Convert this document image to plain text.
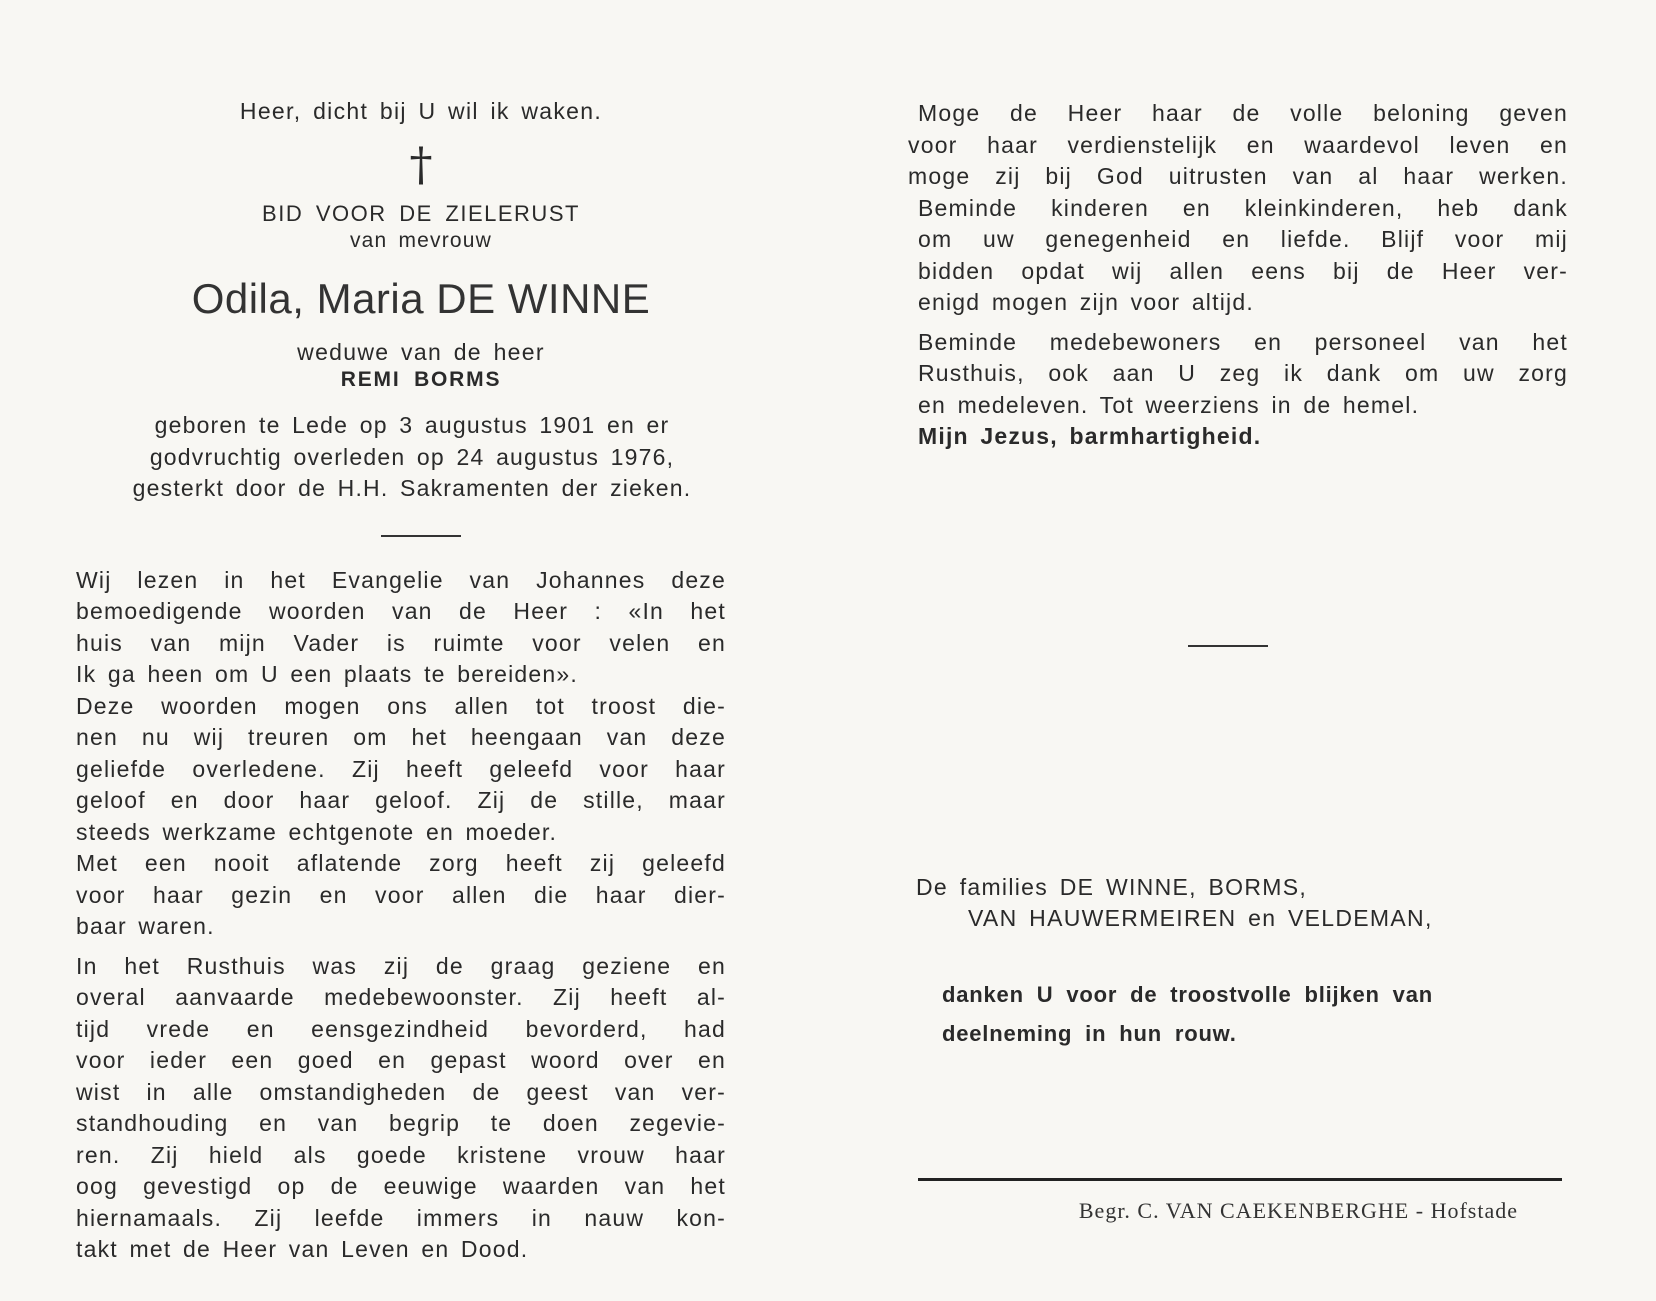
Heer, dicht bij U wil ik waken.
†
BID VOOR DE ZIELERUST
van mevrouw
Odila, Maria DE WINNE
weduwe van de heer
REMI BORMS
geboren te Lede op 3 augustus 1901 en er
godvruchtig overleden op 24 augustus 1976,
gesterkt door de H.H. Sakramenten der zieken.
Wij lezen in het Evangelie van Johannes deze
bemoedigende woorden van de Heer : «In het
huis van mijn Vader is ruimte voor velen en
Ik ga heen om U een plaats te bereiden».
Deze woorden mogen ons allen tot troost die-
nen nu wij treuren om het heengaan van deze
geliefde overledene. Zij heeft geleefd voor haar
geloof en door haar geloof. Zij de stille, maar
steeds werkzame echtgenote en moeder.
Met een nooit aflatende zorg heeft zij geleefd
voor haar gezin en voor allen die haar dier-
baar waren.
In het Rusthuis was zij de graag geziene en
overal aanvaarde medebewoonster. Zij heeft al-
tijd vrede en eensgezindheid bevorderd, had
voor ieder een goed en gepast woord over en
wist in alle omstandigheden de geest van ver-
standhouding en van begrip te doen zegevie-
ren. Zij hield als goede kristene vrouw haar
oog gevestigd op de eeuwige waarden van het
hiernamaals. Zij leefde immers in nauw kon-
takt met de Heer van Leven en Dood.
Moge de Heer haar de volle beloning geven
voor haar verdienstelijk en waardevol leven en
moge zij bij God uitrusten van al haar werken.
Beminde kinderen en kleinkinderen, heb dank
om uw genegenheid en liefde. Blijf voor mij
bidden opdat wij allen eens bij de Heer ver-
enigd mogen zijn voor altijd.
Beminde medebewoners en personeel van het
Rusthuis, ook aan U zeg ik dank om uw zorg
en medeleven. Tot weerziens in de hemel.
Mijn Jezus, barmhartigheid.
De families DE WINNE, BORMS,
VAN HAUWERMEIREN en VELDEMAN,
danken U voor de troostvolle blijken van
deelneming in hun rouw.
Begr. C. VAN CAEKENBERGHE - Hofstade
